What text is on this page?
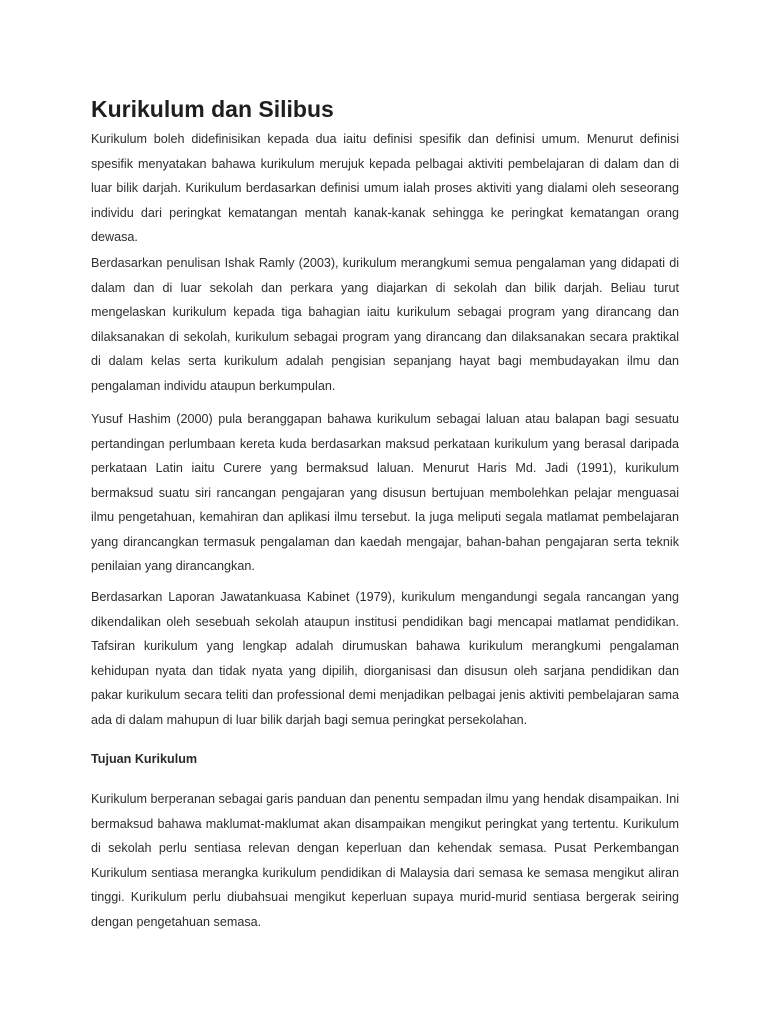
Kurikulum dan Silibus

Kurikulum boleh didefinisikan kepada dua iaitu definisi spesifik dan definisi umum. Menurut definisi spesifik menyatakan bahawa kurikulum merujuk kepada pelbagai aktiviti pembelajaran di dalam dan di luar bilik darjah. Kurikulum berdasarkan definisi umum ialah proses aktiviti yang dialami oleh seseorang individu dari peringkat kematangan mentah kanak-kanak sehingga ke peringkat kematangan orang dewasa.

Berdasarkan penulisan Ishak Ramly (2003), kurikulum merangkumi semua pengalaman yang didapati di dalam dan di luar sekolah dan perkara yang diajarkan di sekolah dan bilik darjah. Beliau turut mengelaskan kurikulum kepada tiga bahagian iaitu kurikulum sebagai program yang dirancang dan dilaksanakan di sekolah, kurikulum sebagai program yang dirancang dan dilaksanakan secara praktikal di dalam kelas serta kurikulum adalah pengisian sepanjang hayat bagi membudayakan ilmu dan pengalaman individu ataupun berkumpulan.

Yusuf Hashim (2000) pula beranggapan bahawa kurikulum sebagai laluan atau balapan bagi sesuatu pertandingan perlumbaan kereta kuda berdasarkan maksud perkataan kurikulum yang berasal daripada perkataan Latin iaitu Curere yang bermaksud laluan. Menurut Haris Md. Jadi (1991), kurikulum bermaksud suatu siri rancangan pengajaran yang disusun bertujuan membolehkan pelajar menguasai ilmu pengetahuan, kemahiran dan aplikasi ilmu tersebut. Ia juga meliputi segala matlamat pembelajaran yang dirancangkan termasuk pengalaman dan kaedah mengajar, bahan-bahan pengajaran serta teknik penilaian yang dirancangkan.

Berdasarkan Laporan Jawatankuasa Kabinet (1979), kurikulum mengandungi segala rancangan yang dikendalikan oleh sesebuah sekolah ataupun institusi pendidikan bagi mencapai matlamat pendidikan. Tafsiran kurikulum yang lengkap adalah dirumuskan bahawa kurikulum merangkumi pengalaman kehidupan nyata dan tidak nyata yang dipilih, diorganisasi dan disusun oleh sarjana pendidikan dan pakar kurikulum secara teliti dan professional demi menjadikan pelbagai jenis aktiviti pembelajaran sama ada di dalam mahupun di luar bilik darjah bagi semua peringkat persekolahan.

Tujuan Kurikulum

Kurikulum berperanan sebagai garis panduan dan penentu sempadan ilmu yang hendak disampaikan. Ini bermaksud bahawa maklumat-maklumat akan disampaikan mengikut peringkat yang tertentu. Kurikulum di sekolah perlu sentiasa relevan dengan keperluan dan kehendak semasa. Pusat Perkembangan Kurikulum sentiasa merangka kurikulum pendidikan di Malaysia dari semasa ke semasa mengikut aliran tinggi. Kurikulum perlu diubahsuai mengikut keperluan supaya murid-murid sentiasa bergerak seiring dengan pengetahuan semasa.
